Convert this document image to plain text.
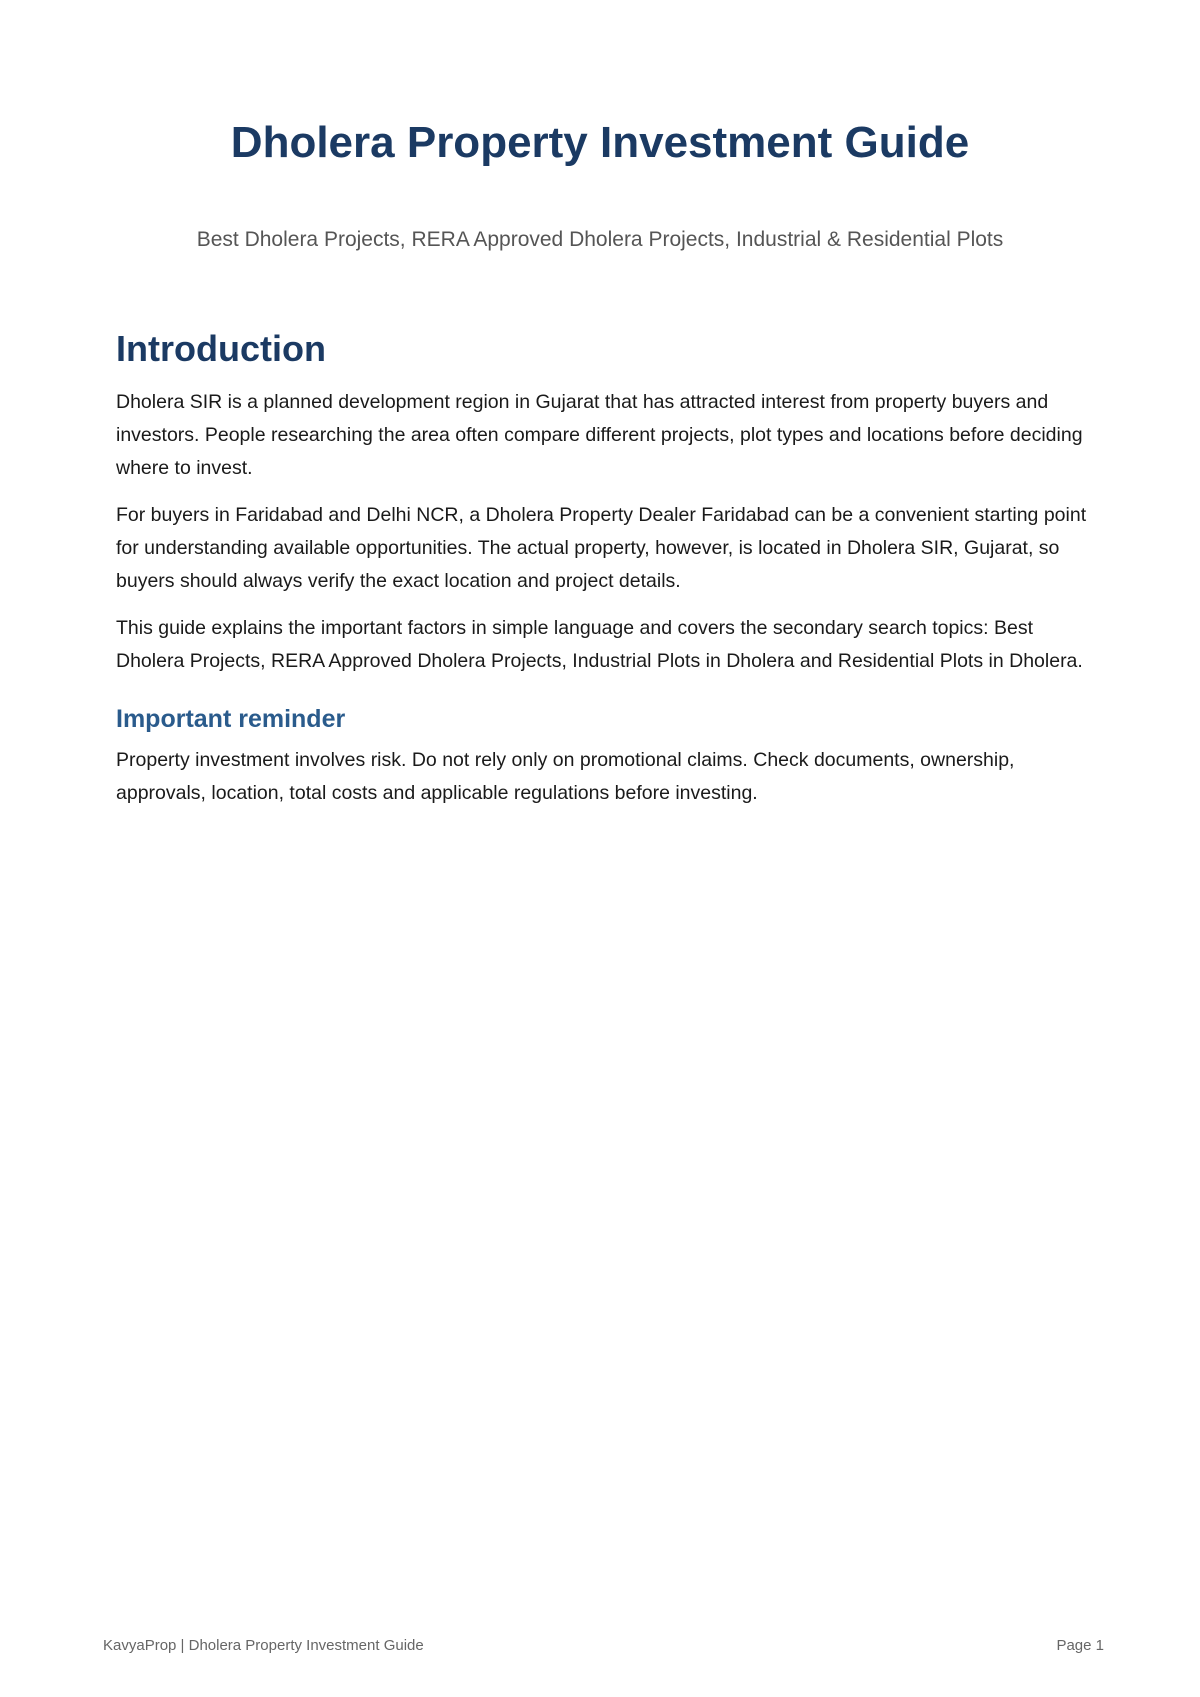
Dholera Property Investment Guide

Best Dholera Projects, RERA Approved Dholera Projects, Industrial & Residential Plots

Introduction

Dholera SIR is a planned development region in Gujarat that has attracted interest from property buyers and investors. People researching the area often compare different projects, plot types and locations before deciding where to invest.

For buyers in Faridabad and Delhi NCR, a Dholera Property Dealer Faridabad can be a convenient starting point for understanding available opportunities. The actual property, however, is located in Dholera SIR, Gujarat, so buyers should always verify the exact location and project details.

This guide explains the important factors in simple language and covers the secondary search topics: Best Dholera Projects, RERA Approved Dholera Projects, Industrial Plots in Dholera and Residential Plots in Dholera.

Important reminder

Property investment involves risk. Do not rely only on promotional claims. Check documents, ownership, approvals, location, total costs and applicable regulations before investing.

KavyaProp | Dholera Property Investment Guide	Page 1
